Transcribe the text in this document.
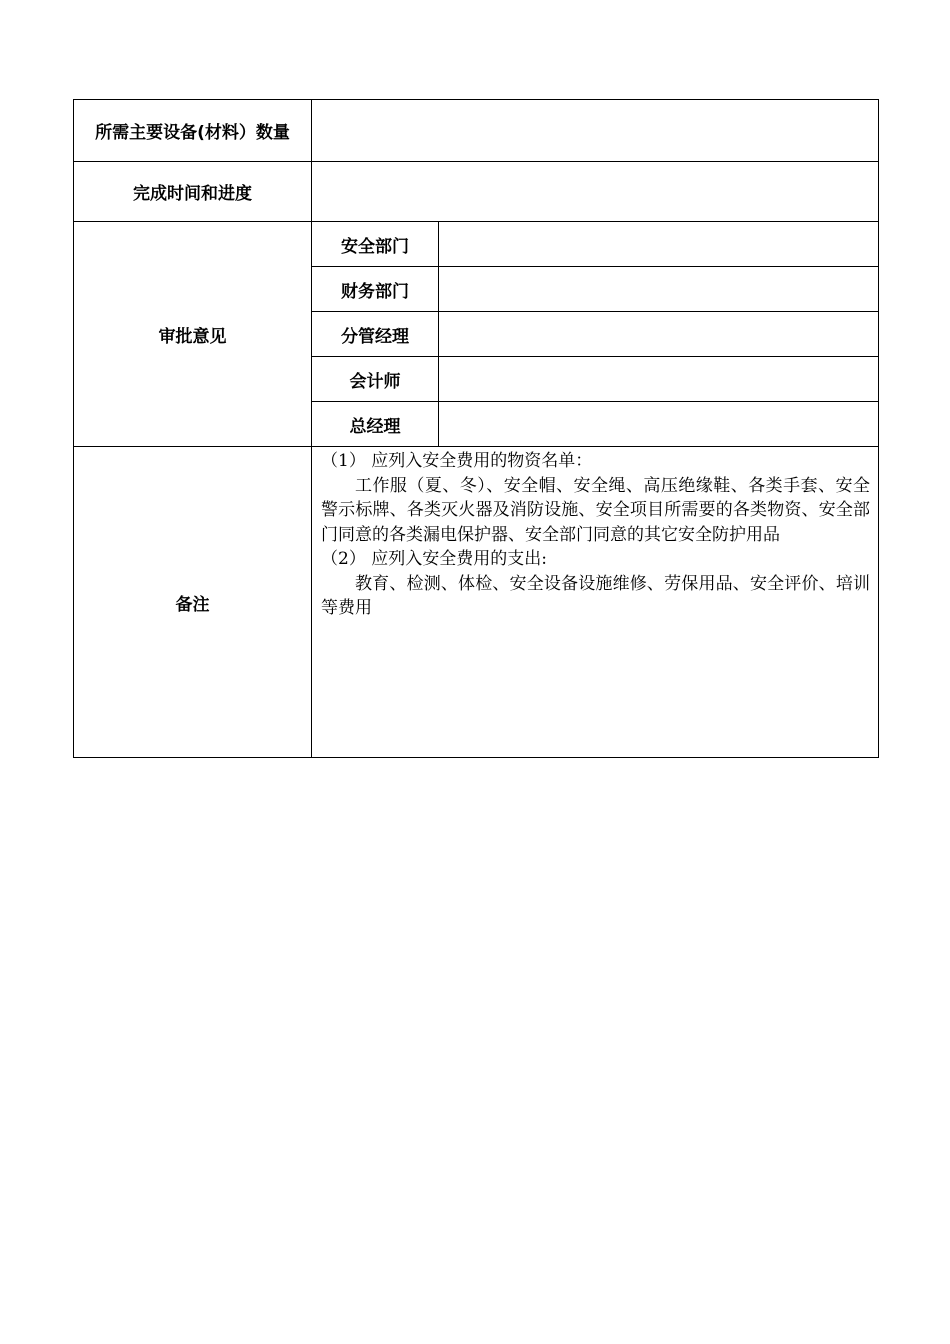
所需主要设备(材料）数量		
完成时间和进度		
审批意见	安全部门	
	财务部门	
	分管经理	
	会计师	
	总经理	
备注	（1） 应列入安全费用的物资名单：

工作服（夏、冬）、安全帽、安全绳、高压绝缘鞋、各类手套、安全警示标牌、各类灭火器及消防设施、安全项目所需要的各类物资、安全部门同意的各类漏电保护器、安全部门同意的其它安全防护用品

（2） 应列入安全费用的支出:

教育、检测、体检、安全设备设施维修、劳保用品、安全评价、培训等费用	
